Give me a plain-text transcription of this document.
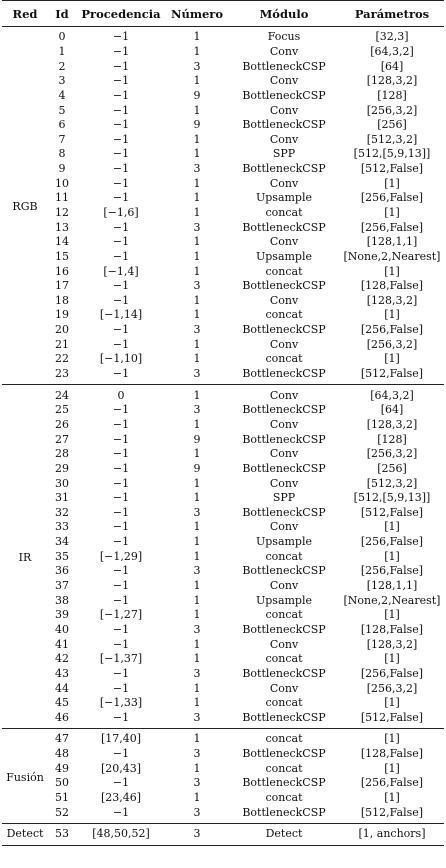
Red	Id	Procedencia	Número	Módulo	Parámetros
RGB	0	−1	1	Focus	[32,3]
	1	−1	1	Conv	[64,3,2]
	2	−1	3	BottleneckCSP	[64]
	3	−1	1	Conv	[128,3,2]
	4	−1	9	BottleneckCSP	[128]
	5	−1	1	Conv	[256,3,2]
	6	−1	9	BottleneckCSP	[256]
	7	−1	1	Conv	[512,3,2]
	8	−1	1	SPP	[512,[5,9,13]]
	9	−1	3	BottleneckCSP	[512,False]
	10	−1	1	Conv	[1]
	11	−1	1	Upsample	[256,False]
	12	[−1,6]	1	concat	[1]
	13	−1	3	BottleneckCSP	[256,False]
	14	−1	1	Conv	[128,1,1]
	15	−1	1	Upsample	[None,2,Nearest]
	16	[−1,4]	1	concat	[1]
	17	−1	3	BottleneckCSP	[128,False]
	18	−1	1	Conv	[128,3,2]
	19	[−1,14]	1	concat	[1]
	20	−1	3	BottleneckCSP	[256,False]
	21	−1	1	Conv	[256,3,2]
	22	[−1,10]	1	concat	[1]
	23	−1	3	BottleneckCSP	[512,False]
IR	24	0	1	Conv	[64,3,2]
	25	−1	3	BottleneckCSP	[64]
	26	−1	1	Conv	[128,3,2]
	27	−1	9	BottleneckCSP	[128]
	28	−1	1	Conv	[256,3,2]
	29	−1	9	BottleneckCSP	[256]
	30	−1	1	Conv	[512,3,2]
	31	−1	1	SPP	[512,[5,9,13]]
	32	−1	3	BottleneckCSP	[512,False]
	33	−1	1	Conv	[1]
	34	−1	1	Upsample	[256,False]
	35	[−1,29]	1	concat	[1]
	36	−1	3	BottleneckCSP	[256,False]
	37	−1	1	Conv	[128,1,1]
	38	−1	1	Upsample	[None,2,Nearest]
	39	[−1,27]	1	concat	[1]
	40	−1	3	BottleneckCSP	[128,False]
	41	−1	1	Conv	[128,3,2]
	42	[−1,37]	1	concat	[1]
	43	−1	3	BottleneckCSP	[256,False]
	44	−1	1	Conv	[256,3,2]
	45	[−1,33]	1	concat	[1]
	46	−1	3	BottleneckCSP	[512,False]
Fusión	47	[17,40]	1	concat	[1]
	48	−1	3	BottleneckCSP	[128,False]
	49	[20,43]	1	concat	[1]
	50	−1	3	BottleneckCSP	[256,False]
	51	[23,46]	1	concat	[1]
	52	−1	3	BottleneckCSP	[512,False]
Detect	53	[48,50,52]	3	Detect	[1, anchors]
